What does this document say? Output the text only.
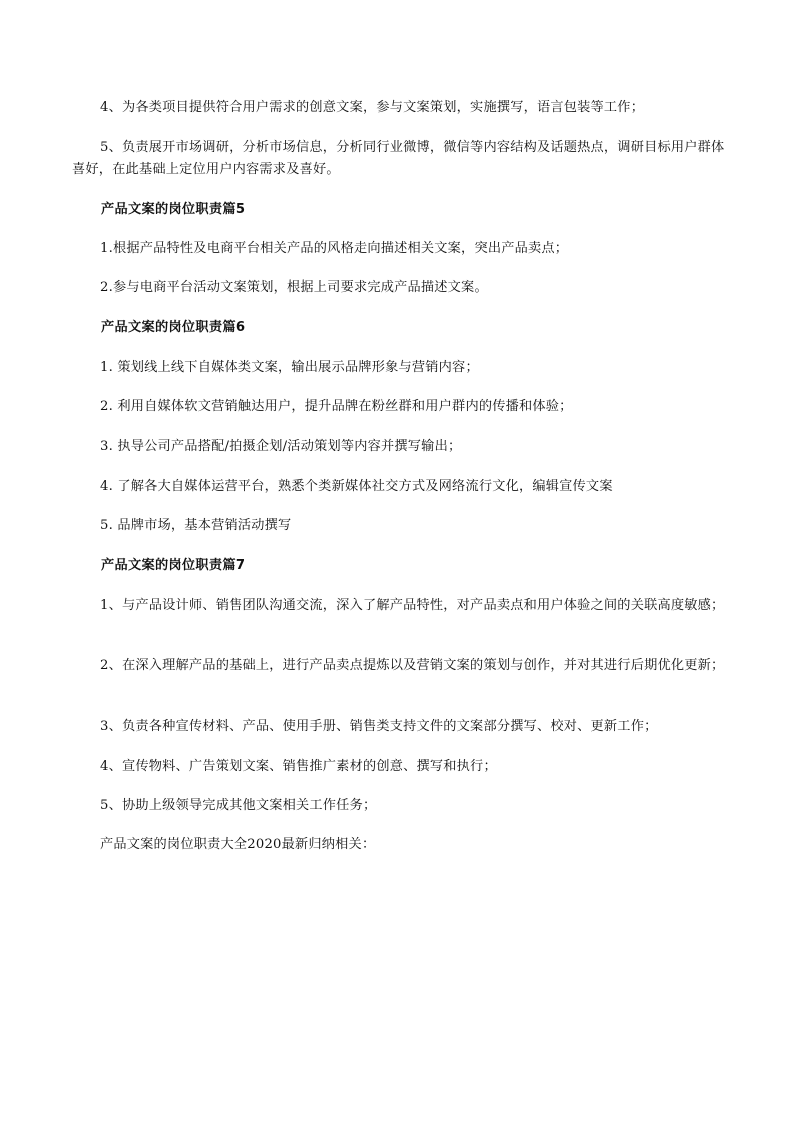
4、为各类项目提供符合用户需求的创意文案，参与文案策划，实施撰写，语言包装等工作；

5、负责展开市场调研，分析市场信息，分析同行业微博，微信等内容结构及话题热点，调研目标用户群体喜好，在此基础上定位用户内容需求及喜好。

产品文案的岗位职责篇5

1.根据产品特性及电商平台相关产品的风格走向描述相关文案，突出产品卖点；

2.参与电商平台活动文案策划，根据上司要求完成产品描述文案。

产品文案的岗位职责篇6

1. 策划线上线下自媒体类文案，输出展示品牌形象与营销内容；

2. 利用自媒体软文营销触达用户，提升品牌在粉丝群和用户群内的传播和体验；

3. 执导公司产品搭配/拍摄企划/活动策划等内容并撰写输出；

4. 了解各大自媒体运营平台，熟悉个类新媒体社交方式及网络流行文化，编辑宣传文案

5. 品牌市场，基本营销活动撰写

产品文案的岗位职责篇7

1、与产品设计师、销售团队沟通交流，深入了解产品特性，对产品卖点和用户体验之间的关联高度敏感；

2、在深入理解产品的基础上，进行产品卖点提炼以及营销文案的策划与创作，并对其进行后期优化更新；

3、负责各种宣传材料、产品、使用手册、销售类支持文件的文案部分撰写、校对、更新工作；

4、宣传物料、广告策划文案、销售推广素材的创意、撰写和执行；

5、协助上级领导完成其他文案相关工作任务；

产品文案的岗位职责大全2020最新归纳相关：
